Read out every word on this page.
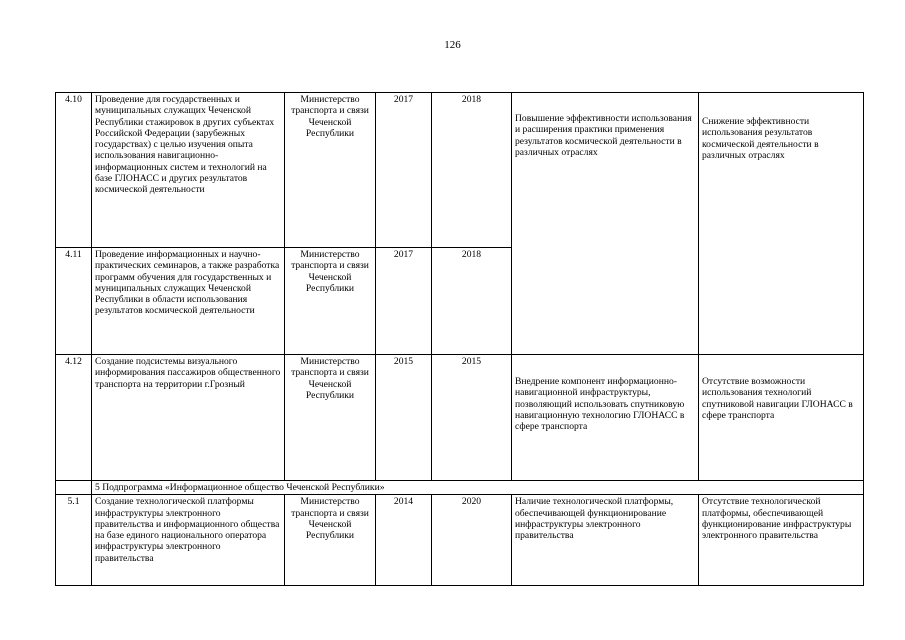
126
4.10	Проведение для государственных и муниципальных служащих Чеченской Республики стажировок в других субъектах Российской Федерации (зарубежных государствах) с целью изучения опыта использования навигационно-информационных систем и технологий на базе ГЛОНАСС и других результатов космической деятельности	Министерство транспорта и связи Чеченской Республики	2017	2018	Повышение эффективности использования и расширения практики применения результатов космической деятельности в различных отраслях	Снижение эффективности использования результатов космической деятельности в различных отраслях

4.11	Проведение информационных и научно-практических семинаров, а также разработка программ обучения для государственных и муниципальных служащих Чеченской Республики в области использования результатов космической деятельности	Министерство транспорта и связи Чеченской Республики	2017	2018		
4.12	Создание подсистемы визуального информирования пассажиров общественного транспорта на территории г.Грозный	Министерство транспорта и связи Чеченской Республики	2015	2015	Внедрение компонент информационно-навигационной инфраструктуры, позволяющий использовать спутниковую навигационную технологию ГЛОНАСС в сфере транспорта	Отсутствие возможности использования технологий спутниковой навигации ГЛОНАСС в сфере транспорта

	5 Подпрограмма «Информационное общество Чеченской Республики»					
5.1	Создание технологической платформы инфраструктуры электронного правительства и информационного общества на базе единого национального оператора инфраструктуры электронного правительства	Министерство транспорта и связи Чеченской Республики	2014	2020	Наличие технологической платформы, обеспечивающей функционирование инфраструктуры электронного правительства	Отсутствие технологической платформы, обеспечивающей функционирование инфраструктуры электронного правительства
